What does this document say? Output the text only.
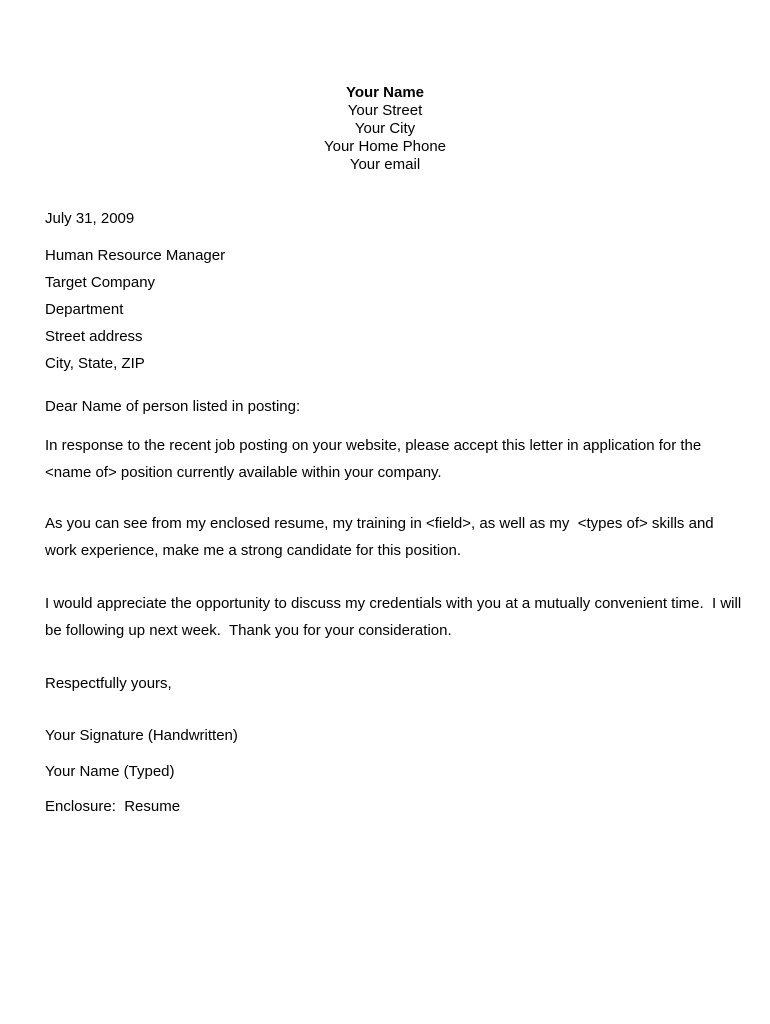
Your Name
Your Street
Your City
Your Home Phone
Your email
July 31, 2009
Human Resource Manager
Target Company
Department
Street address
City, State, ZIP
Dear Name of person listed in posting:
In response to the recent job posting on your website, please accept this letter in application for the <name of> position currently available within your company.
As you can see from my enclosed resume, my training in <field>, as well as my  <types of> skills and work experience, make me a strong candidate for this position.
I would appreciate the opportunity to discuss my credentials with you at a mutually convenient time.  I will be following up next week.  Thank you for your consideration.
Respectfully yours,
Your Signature (Handwritten)
Your Name (Typed)
Enclosure:  Resume
